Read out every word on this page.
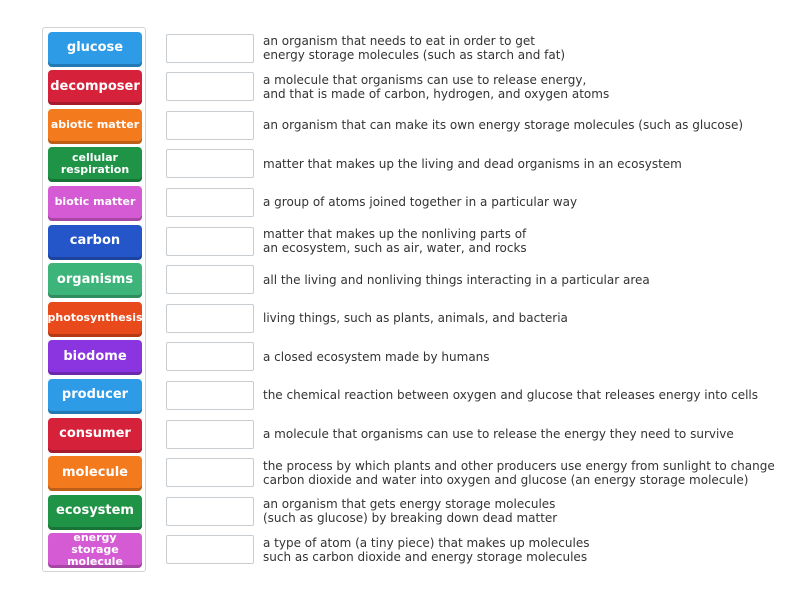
glucose
decomposer
abiotic matter
cellular respiration
biotic matter
carbon
organisms
photosynthesis
biodome
producer
consumer
molecule
ecosystem
energy storage molecule
an organism that needs to eat in order to get
energy storage molecules (such as starch and fat)
a molecule that organisms can use to release energy,
and that is made of carbon, hydrogen, and oxygen atoms
an organism that can make its own energy storage molecules (such as glucose)
matter that makes up the living and dead organisms in an ecosystem
a group of atoms joined together in a particular way
matter that makes up the nonliving parts of
an ecosystem, such as air, water, and rocks
all the living and nonliving things interacting in a particular area
living things, such as plants, animals, and bacteria
a closed ecosystem made by humans
the chemical reaction between oxygen and glucose that releases energy into cells
a molecule that organisms can use to release the energy they need to survive
the process by which plants and other producers use energy from sunlight to change
carbon dioxide and water into oxygen and glucose (an energy storage molecule)
an organism that gets energy storage molecules
(such as glucose) by breaking down dead matter
a type of atom (a tiny piece) that makes up molecules
such as carbon dioxide and energy storage molecules
